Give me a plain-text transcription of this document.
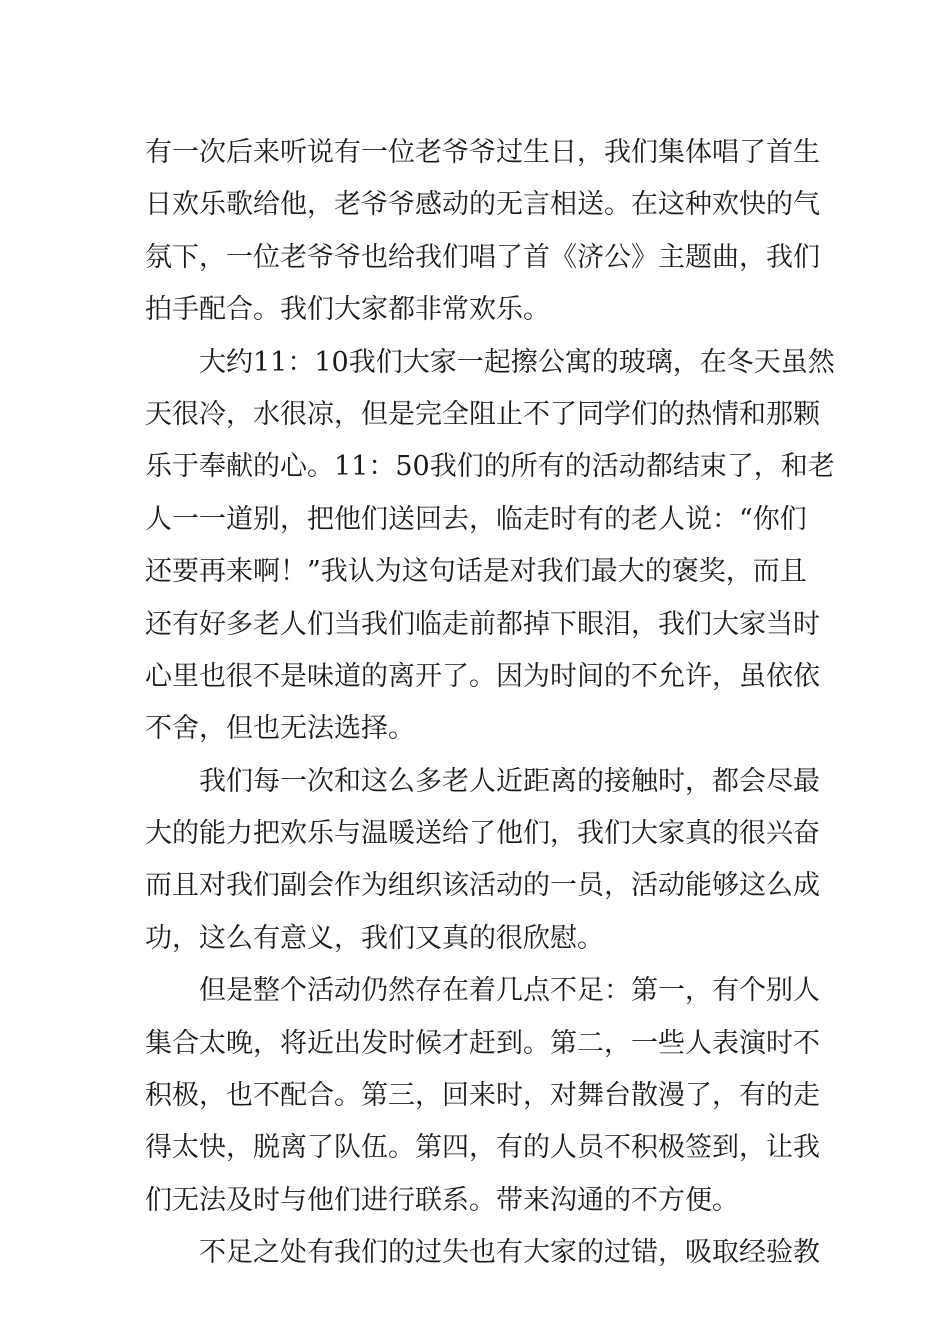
有一次后来听说有一位老爷爷过生日，我们集体唱了首生
日欢乐歌给他，老爷爷感动的无言相送。在这种欢快的气
氛下，一位老爷爷也给我们唱了首《济公》主题曲，我们
拍手配合。我们大家都非常欢乐。
　　大约11：10我们大家一起擦公寓的玻璃，在冬天虽然
天很冷，水很凉，但是完全阻止不了同学们的热情和那颗
乐于奉献的心。11：50我们的所有的活动都结束了，和老
人一一道别，把他们送回去，临走时有的老人说：“你们
还要再来啊！”我认为这句话是对我们最大的褒奖，而且
还有好多老人们当我们临走前都掉下眼泪，我们大家当时
心里也很不是味道的离开了。因为时间的不允许，虽依依
不舍，但也无法选择。
　　我们每一次和这么多老人近距离的接触时，都会尽最
大的能力把欢乐与温暖送给了他们，我们大家真的很兴奋
而且对我们副会作为组织该活动的一员，活动能够这么成
功，这么有意义，我们又真的很欣慰。
　　但是整个活动仍然存在着几点不足：第一，有个别人
集合太晚，将近出发时候才赶到。第二，一些人表演时不
积极，也不配合。第三，回来时，对舞台散漫了，有的走
得太快，脱离了队伍。第四，有的人员不积极签到，让我
们无法及时与他们进行联系。带来沟通的不方便。
　　不足之处有我们的过失也有大家的过错，吸取经验教
